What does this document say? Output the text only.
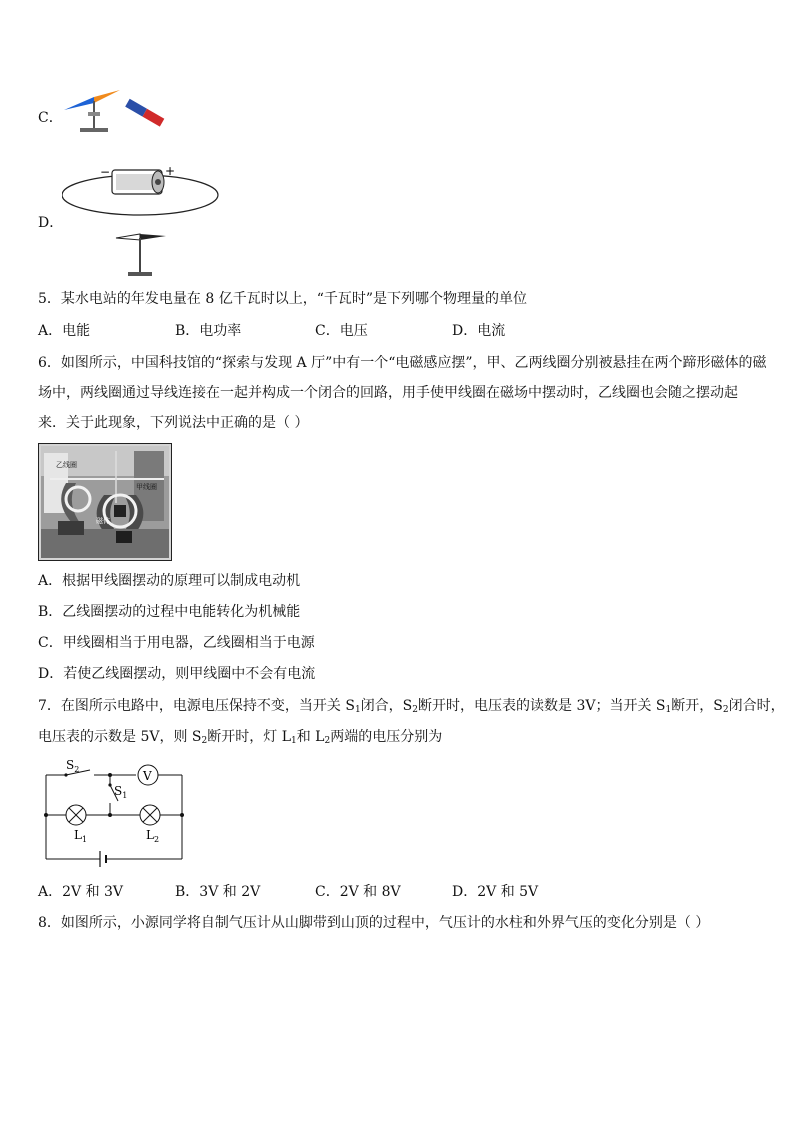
C．
D．
−	+
5．某水电站的年发电量在 8 亿千瓦时以上，“千瓦时”是下列哪个物理量的单位
A．电能	B．电功率	C．电压	D．电流
6．如图所示，中国科技馆的“探索与发现 A 厅”中有一个“电磁感应摆”，甲、乙两线圈分别被悬挂在两个蹄形磁体的磁
场中，两线圈通过导线连接在一起并构成一个闭合的回路，用手使甲线圈在磁场中摆动时，乙线圈也会随之摆动起
来．关于此现象，下列说法中正确的是（ ）
乙线圈
甲线圈
磁体
A．根据甲线圈摆动的原理可以制成电动机
B．乙线圈摆动的过程中电能转化为机械能
C．甲线圈相当于用电器，乙线圈相当于电源
D．若使乙线圈摆动，则甲线圈中不会有电流
7．在图所示电路中，电源电压保持不变，当开关 $S_1$闭合，$S_2$断开时，电压表的读数是 3V；当开关 $S_1$断开，$S_2$闭合时，
电压表的示数是 5V，则 $S_2$断开时，灯 $L_1$和 $L_2$两端的电压分别为
V
$S_2$
$S_1$
$L_1$	$L_2$
A．2V 和 3V	B．3V 和 2V	C．2V 和 8V	D．2V 和 5V
8．如图所示，小源同学将自制气压计从山脚带到山顶的过程中，气压计的水柱和外界气压的变化分别是（ ）
